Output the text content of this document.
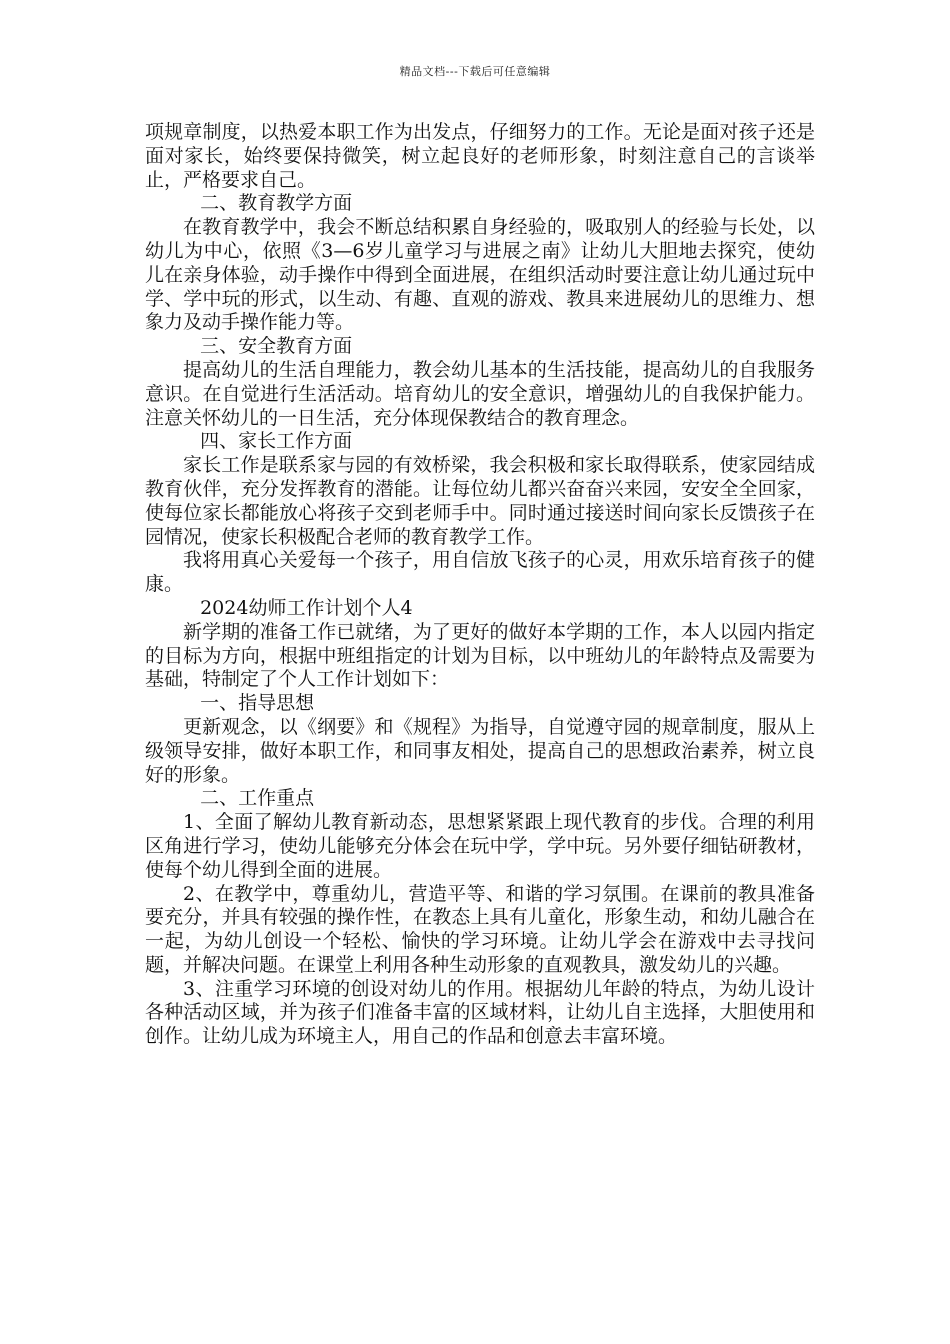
精品文档---下载后可任意编辑

项规章制度，以热爱本职工作为出发点，仔细努力的工作。无论是面对孩子还是面对家长，始终要保持微笑，树立起良好的老师形象，时刻注意自己的言谈举止，严格要求自己。

二、教育教学方面

在教育教学中，我会不断总结积累自身经验的，吸取别人的经验与长处，以幼儿为中心，依照《3—6岁儿童学习与进展之南》让幼儿大胆地去探究，使幼儿在亲身体验，动手操作中得到全面进展，在组织活动时要注意让幼儿通过玩中学、学中玩的形式，以生动、有趣、直观的游戏、教具来进展幼儿的思维力、想象力及动手操作能力等。

三、安全教育方面

提高幼儿的生活自理能力，教会幼儿基本的生活技能，提高幼儿的自我服务意识。在自觉进行生活活动。培育幼儿的安全意识，增强幼儿的自我保护能力。注意关怀幼儿的一日生活，充分体现保教结合的教育理念。

四、家长工作方面

家长工作是联系家与园的有效桥梁，我会积极和家长取得联系，使家园结成教育伙伴，充分发挥教育的潜能。让每位幼儿都兴奋奋兴来园，安安全全回家，使每位家长都能放心将孩子交到老师手中。同时通过接送时间向家长反馈孩子在园情况，使家长积极配合老师的教育教学工作。

我将用真心关爱每一个孩子，用自信放飞孩子的心灵，用欢乐培育孩子的健康。

2024幼师工作计划个人4

新学期的准备工作已就绪，为了更好的做好本学期的工作，本人以园内指定的目标为方向，根据中班组指定的计划为目标，以中班幼儿的年龄特点及需要为基础，特制定了个人工作计划如下：

一、指导思想

更新观念，以《纲要》和《规程》为指导，自觉遵守园的规章制度，服从上级领导安排，做好本职工作，和同事友相处，提高自己的思想政治素养，树立良好的形象。

二、工作重点

1、全面了解幼儿教育新动态，思想紧紧跟上现代教育的步伐。合理的利用区角进行学习，使幼儿能够充分体会在玩中学，学中玩。另外要仔细钻研教材，使每个幼儿得到全面的进展。

2、在教学中，尊重幼儿，营造平等、和谐的学习氛围。在课前的教具准备要充分，并具有较强的操作性，在教态上具有儿童化，形象生动，和幼儿融合在一起，为幼儿创设一个轻松、愉快的学习环境。让幼儿学会在游戏中去寻找问题，并解决问题。在课堂上利用各种生动形象的直观教具，激发幼儿的兴趣。

3、注重学习环境的创设对幼儿的作用。根据幼儿年龄的特点，为幼儿设计各种活动区域，并为孩子们准备丰富的区域材料，让幼儿自主选择，大胆使用和创作。让幼儿成为环境主人，用自己的作品和创意去丰富环境。
